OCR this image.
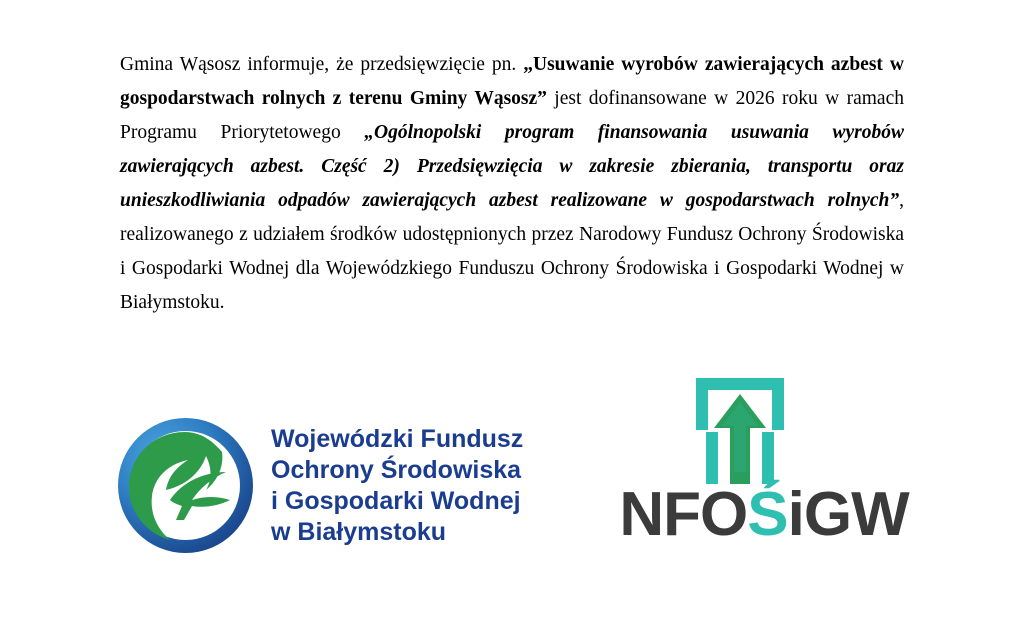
Gmina Wąsosz informuje, że przedsięwzięcie pn. „Usuwanie wyrobów zawierających azbest w gospodarstwach rolnych z terenu Gminy Wąsosz” jest dofinansowane w 2026 roku w ramach Programu Priorytetowego „Ogólnopolski program finansowania usuwania wyrobów zawierających azbest. Część 2) Przedsięwzięcia w zakresie zbierania, transportu oraz unieszkodliwiania odpadów zawierających azbest realizowane w gospodarstwach rolnych”, realizowanego z udziałem środków udostępnionych przez Narodowy Fundusz Ochrony Środowiska i Gospodarki Wodnej dla Wojewódzkiego Funduszu Ochrony Środowiska i Gospodarki Wodnej w Białymstoku.

Wojewódzki Fundusz
Ochrony Środowiska
i Gospodarki Wodnej
w Białymstoku	NFOŚiGW
